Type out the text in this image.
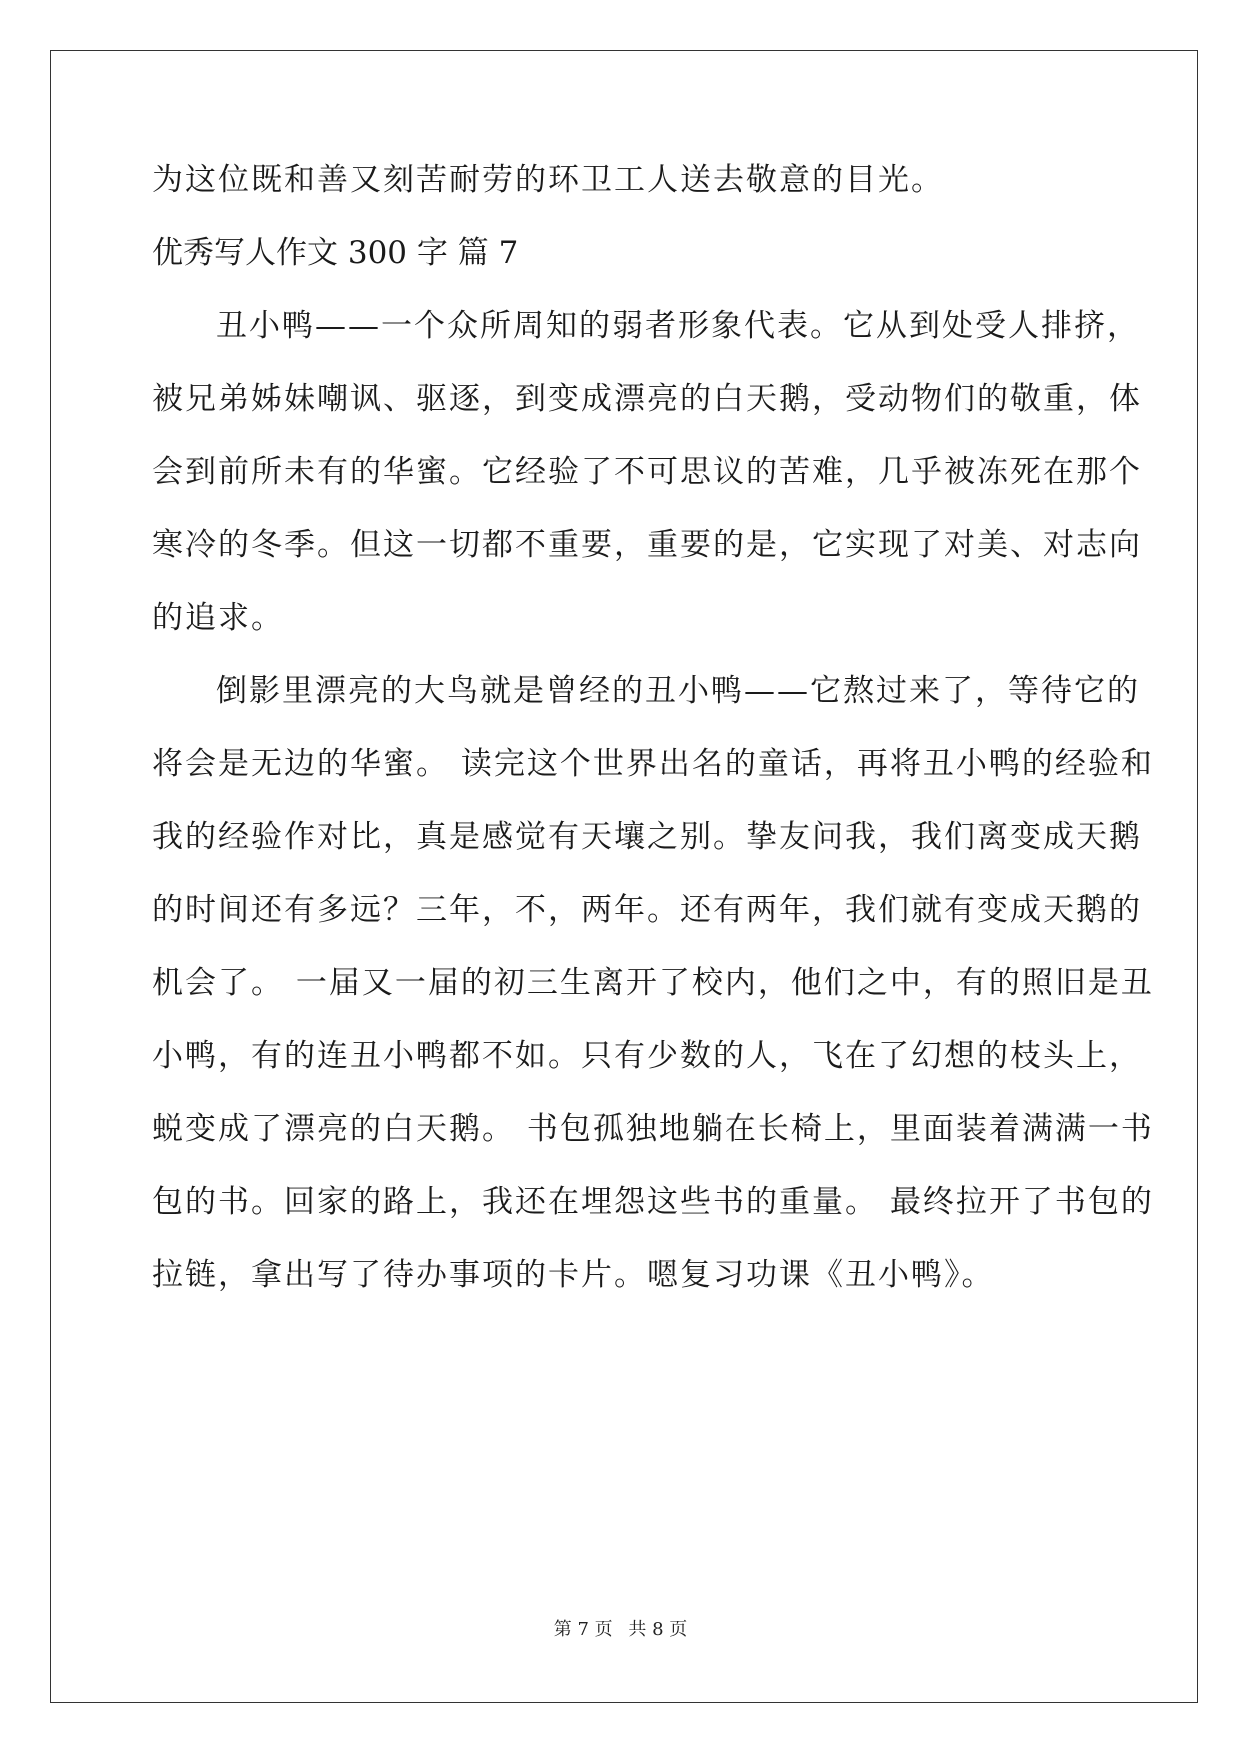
为这位既和善又刻苦耐劳的环卫工人送去敬意的目光。
优秀写人作文 300 字 篇 7
丑小鸭——一个众所周知的弱者形象代表。它从到处受人排挤，
被兄弟姊妹嘲讽、驱逐，到变成漂亮的白天鹅，受动物们的敬重，体
会到前所未有的华蜜。它经验了不可思议的苦难，几乎被冻死在那个
寒冷的冬季。但这一切都不重要，重要的是，它实现了对美、对志向
的追求。
倒影里漂亮的大鸟就是曾经的丑小鸭——它熬过来了，等待它的
将会是无边的华蜜。 读完这个世界出名的童话，再将丑小鸭的经验和
我的经验作对比，真是感觉有天壤之别。挚友问我，我们离变成天鹅
的时间还有多远？三年，不，两年。还有两年，我们就有变成天鹅的
机会了。 一届又一届的初三生离开了校内，他们之中，有的照旧是丑
小鸭，有的连丑小鸭都不如。只有少数的人，飞在了幻想的枝头上，
蜕变成了漂亮的白天鹅。 书包孤独地躺在长椅上，里面装着满满一书
包的书。回家的路上，我还在埋怨这些书的重量。 最终拉开了书包的
拉链，拿出写了待办事项的卡片。嗯复习功课《丑小鸭》。
第 7 页 共 8 页
